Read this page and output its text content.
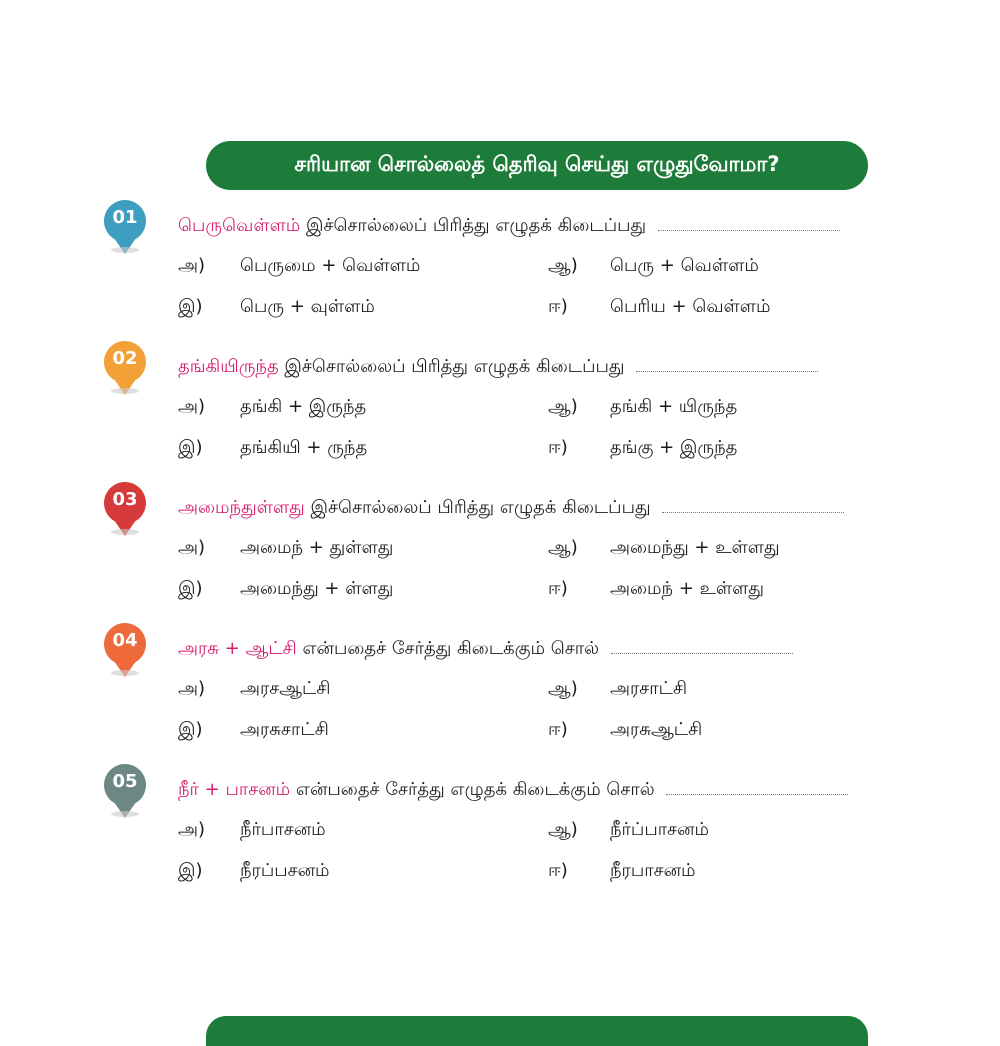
சரியான சொல்லைத் தெரிவு செய்து எழுதுவோமா?
01	பெருவெள்ளம் இச்சொல்லைப் பிரித்து எழுதக் கிடைப்பது
அ) பெருமை + வெள்ளம்	ஆ) பெரு + வெள்ளம்
இ) பெரு + வுள்ளம்	ஈ) பெரிய + வெள்ளம்
02	தங்கியிருந்த இச்சொல்லைப் பிரித்து எழுதக் கிடைப்பது
அ) தங்கி + இருந்த	ஆ) தங்கி + யிருந்த
இ) தங்கியி + ருந்த	ஈ) தங்கு + இருந்த
03	அமைந்துள்ளது இச்சொல்லைப் பிரித்து எழுதக் கிடைப்பது
அ) அமைந் + துள்ளது	ஆ) அமைந்து + உள்ளது
இ) அமைந்து + ள்ளது	ஈ) அமைந் + உள்ளது
04	அரசு + ஆட்சி என்பதைச் சேர்த்து கிடைக்கும் சொல்
அ) அரசஆட்சி	ஆ) அரசாட்சி
இ) அரசுசாட்சி	ஈ) அரசுஆட்சி
05	நீர் + பாசனம் என்பதைச் சேர்த்து எழுதக் கிடைக்கும் சொல்
அ) நீர்பாசனம்	ஆ) நீர்ப்பாசனம்
இ) நீரப்பசனம்	ஈ) நீரபாசனம்
